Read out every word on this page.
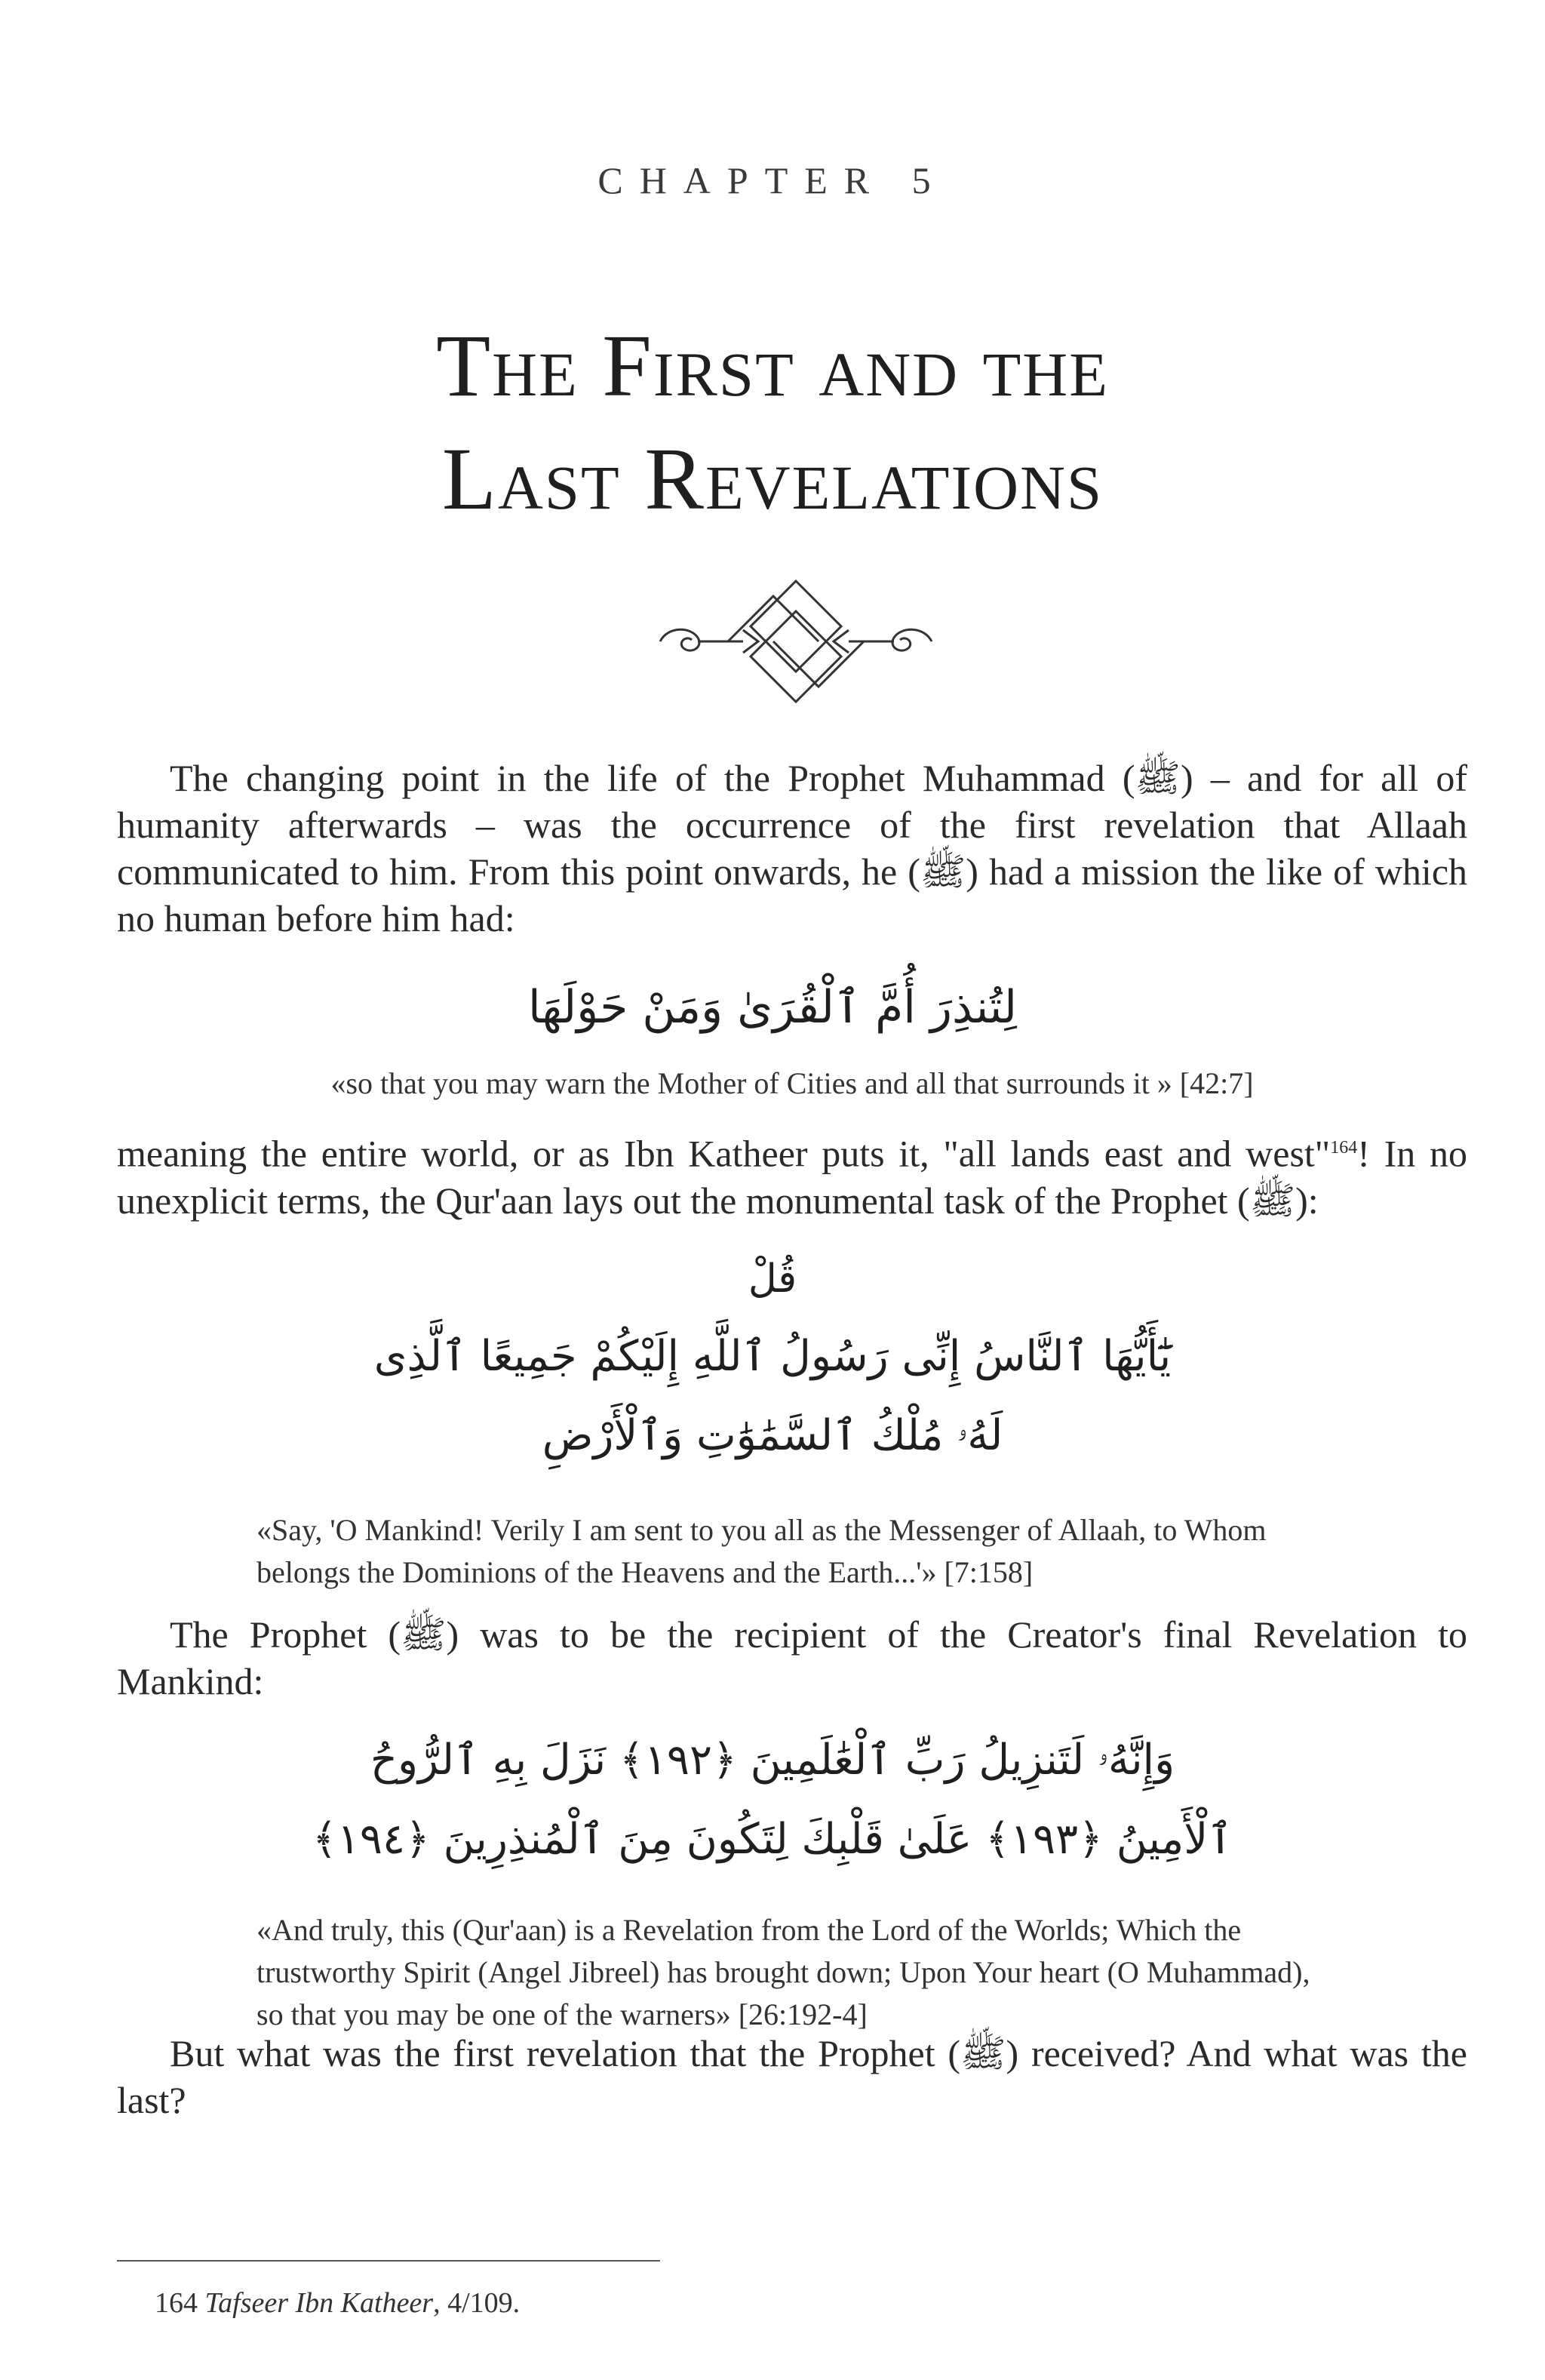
CHAPTER 5
The First and the
Last Revelations
The changing point in the life of the Prophet Muhammad (ﷺ) – and for all of humanity afterwards – was the occurrence of the first revelation that Allaah communicated to him. From this point onwards, he (ﷺ) had a mission the like of which no human before him had:
لِتُنذِرَ أُمَّ ٱلْقُرَىٰ وَمَنْ حَوْلَهَا
«so that you may warn the Mother of Cities and all that surrounds it » [42:7]
meaning the entire world, or as Ibn Katheer puts it, "all lands east and west"$^{164}$! In no unexplicit terms, the Qur'aan lays out the monumental task of the Prophet (ﷺ):
قُلْ
يَٰٓأَيُّهَا ٱلنَّاسُ إِنِّى رَسُولُ ٱللَّهِ إِلَيْكُمْ جَمِيعًا ٱلَّذِى
لَهُۥ مُلْكُ ٱلسَّمَٰوَٰتِ وَٱلْأَرْضِ
«Say, 'O Mankind! Verily I am sent to you all as the Messenger of Allaah, to Whom belongs the Dominions of the Heavens and the Earth...'» [7:158]
The Prophet (ﷺ) was to be the recipient of the Creator's final Revelation to Mankind:
وَإِنَّهُۥ لَتَنزِيلُ رَبِّ ٱلْعَٰلَمِينَ ﴿١٩٢﴾ نَزَلَ بِهِ ٱلرُّوحُ
ٱلْأَمِينُ ﴿١٩٣﴾ عَلَىٰ قَلْبِكَ لِتَكُونَ مِنَ ٱلْمُنذِرِينَ ﴿١٩٤﴾
«And truly, this (Qur'aan) is a Revelation from the Lord of the Worlds; Which the trustworthy Spirit (Angel Jibreel) has brought down; Upon Your heart (O Muhammad), so that you may be one of the warners» [26:192-4]
But what was the first revelation that the Prophet (ﷺ) received? And what was the last?
164 Tafseer Ibn Katheer, 4/109.
